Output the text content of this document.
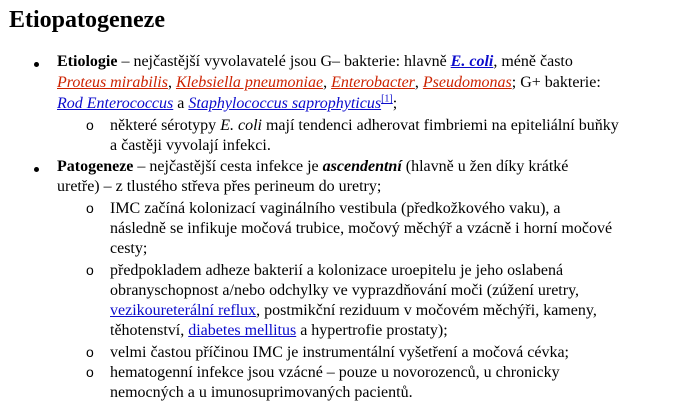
Etiopatogeneze
Etiologie – nejčastější vyvolavatelé jsou G– bakterie: hlavně E. coli, méně často
Proteus mirabilis, Klebsiella pneumoniae, Enterobacter, Pseudomonas; G+ bakterie:
Rod Enterococcus a Staphylococcus saprophyticus[1];
o některé sérotypy E. coli mají tendenci adherovat fimbriemi na epiteliální buňky
a častěji vyvolají infekci.
Patogeneze – nejčastější cesta infekce je ascendentní (hlavně u žen díky krátké
uretře) – z tlustého střeva přes perineum do uretry;
o IMC začíná kolonizací vaginálního vestibula (předkožkového vaku), a
následně se infikuje močová trubice, močový měchýř a vzácně i horní močové
cesty;
o předpokladem adheze bakterií a kolonizace uroepitelu je jeho oslabená
obranyschopnost a/nebo odchylky ve vyprazdňování moči (zúžení uretry,
vezikoureterální reflux, postmikční reziduum v močovém měchýři, kameny,
těhotenství, diabetes mellitus a hypertrofie prostaty);
o velmi častou příčinou IMC je instrumentální vyšetření a močová cévka;
o hematogenní infekce jsou vzácné – pouze u novorozenců, u chronicky
nemocných a u imunosuprimovaných pacientů.
